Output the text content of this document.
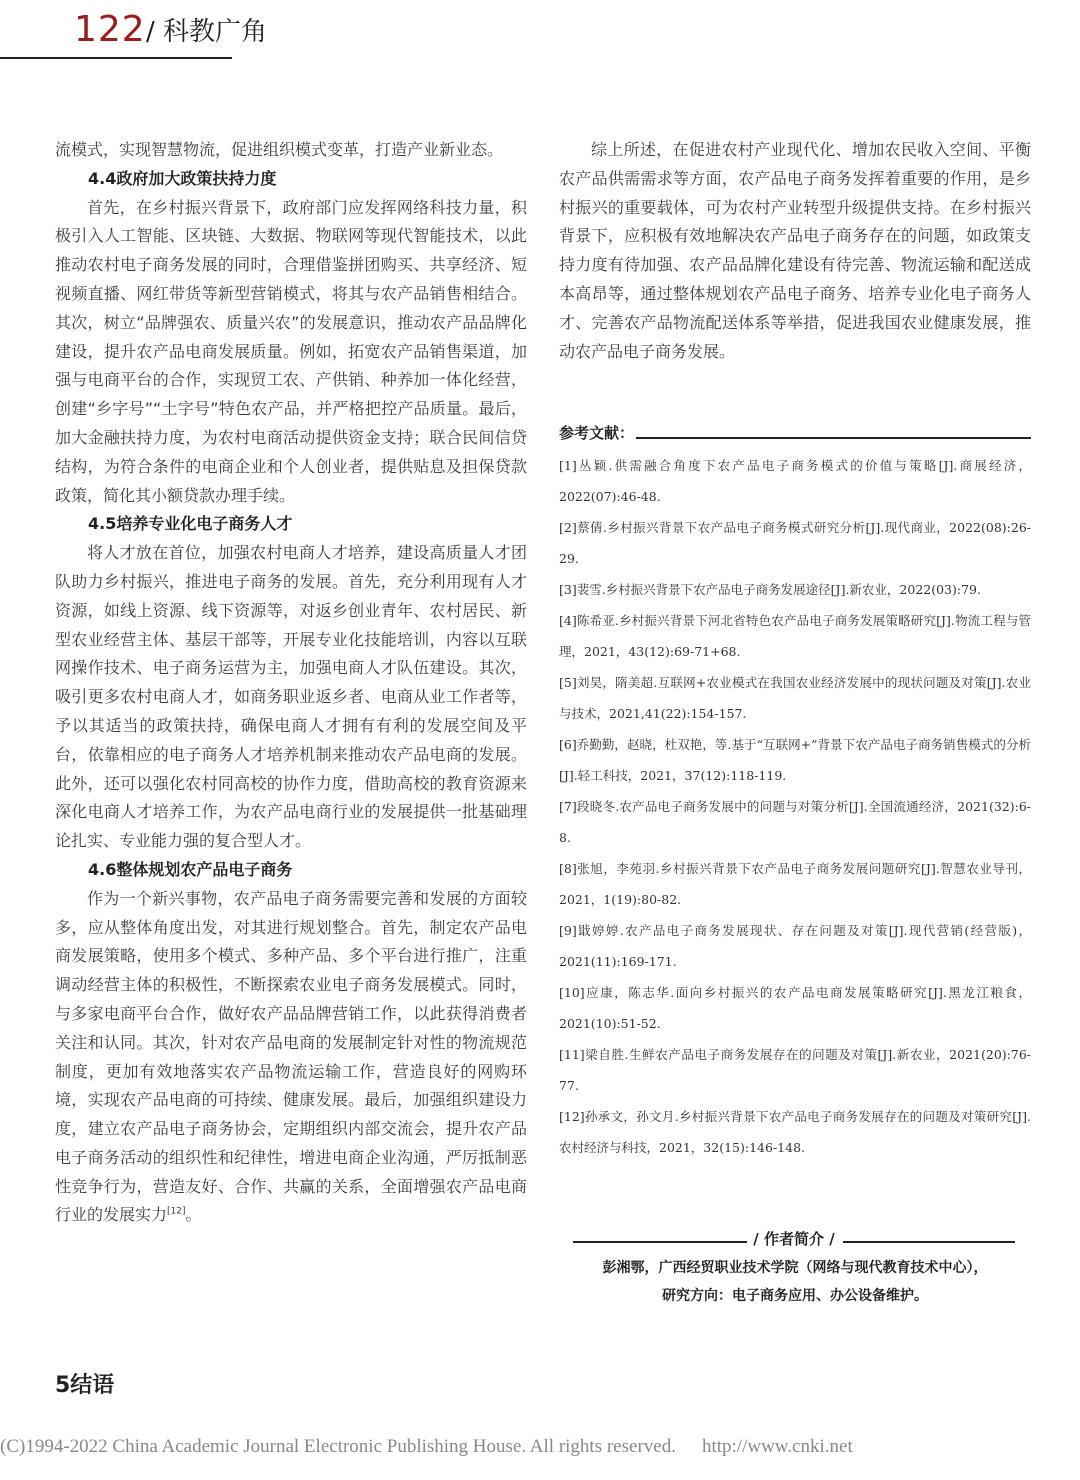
122 / 科教广角

流模式，实现智慧物流，促进组织模式变革，打造产业新业态。

4.4政府加大政策扶持力度

首先，在乡村振兴背景下，政府部门应发挥网络科技力量，积极引入人工智能、区块链、大数据、物联网等现代智能技术，以此推动农村电子商务发展的同时，合理借鉴拼团购买、共享经济、短视频直播、网红带货等新型营销模式，将其与农产品销售相结合。其次，树立“品牌强农、质量兴农”的发展意识，推动农产品品牌化建设，提升农产品电商发展质量。例如，拓宽农产品销售渠道，加强与电商平台的合作，实现贸工农、产供销、种养加一体化经营，创建“乡字号”“土字号”特色农产品，并严格把控产品质量。最后，加大金融扶持力度，为农村电商活动提供资金支持；联合民间信贷结构，为符合条件的电商企业和个人创业者，提供贴息及担保贷款政策，简化其小额贷款办理手续。

4.5培养专业化电子商务人才

将人才放在首位，加强农村电商人才培养，建设高质量人才团队助力乡村振兴，推进电子商务的发展。首先，充分利用现有人才资源，如线上资源、线下资源等，对返乡创业青年、农村居民、新型农业经营主体、基层干部等，开展专业化技能培训，内容以互联网操作技术、电子商务运营为主，加强电商人才队伍建设。其次，吸引更多农村电商人才，如商务职业返乡者、电商从业工作者等，予以其适当的政策扶持，确保电商人才拥有有利的发展空间及平台，依靠相应的电子商务人才培养机制来推动农产品电商的发展。此外，还可以强化农村同高校的协作力度，借助高校的教育资源来深化电商人才培养工作，为农产品电商行业的发展提供一批基础理论扎实、专业能力强的复合型人才。

4.6整体规划农产品电子商务

作为一个新兴事物，农产品电子商务需要完善和发展的方面较多，应从整体角度出发，对其进行规划整合。首先，制定农产品电商发展策略，使用多个模式、多种产品、多个平台进行推广，注重调动经营主体的积极性，不断探索农业电子商务发展模式。同时，与多家电商平台合作，做好农产品品牌营销工作，以此获得消费者关注和认同。其次，针对农产品电商的发展制定针对性的物流规范制度，更加有效地落实农产品物流运输工作，营造良好的网购环境，实现农产品电商的可持续、健康发展。最后，加强组织建设力度，建立农产品电子商务协会，定期组织内部交流会，提升农产品电子商务活动的组织性和纪律性，增进电商企业沟通，严厉抵制恶性竞争行为，营造友好、合作、共赢的关系，全面增强农产品电商行业的发展实力[12]。

5结语

综上所述，在促进农村产业现代化、增加农民收入空间、平衡农产品供需需求等方面，农产品电子商务发挥着重要的作用，是乡村振兴的重要载体，可为农村产业转型升级提供支持。在乡村振兴背景下，应积极有效地解决农产品电子商务存在的问题，如政策支持力度有待加强、农产品品牌化建设有待完善、物流运输和配送成本高昂等，通过整体规划农产品电子商务、培养专业化电子商务人才、完善农产品物流配送体系等举措，促进我国农业健康发展，推动农产品电子商务发展。

参考文献：
[1]丛颖.供需融合角度下农产品电子商务模式的价值与策略[J].商展经济，2022(07):46-48.
[2]蔡倩.乡村振兴背景下农产品电子商务模式研究分析[J].现代商业，2022(08):26-29.
[3]裴雪.乡村振兴背景下农产品电子商务发展途径[J].新农业，2022(03):79.
[4]陈希亚.乡村振兴背景下河北省特色农产品电子商务发展策略研究[J].物流工程与管理，2021，43(12):69-71+68.
[5]刘昊，隋美超.互联网+农业模式在我国农业经济发展中的现状问题及对策[J].农业与技术，2021,41(22):154-157.
[6]乔勤勤，赵晓，杜双艳，等.基于“互联网+”背景下农产品电子商务销售模式的分析[J].轻工科技，2021，37(12):118-119.
[7]段晓冬.农产品电子商务发展中的问题与对策分析[J].全国流通经济，2021(32):6-8.
[8]张旭，李苑羽.乡村振兴背景下农产品电子商务发展问题研究[J].智慧农业导刊，2021，1(19):80-82.
[9]戢婷婷.农产品电子商务发展现状、存在问题及对策[J].现代营销(经营版)，2021(11):169-171.
[10]应康，陈志华.面向乡村振兴的农产品电商发展策略研究[J].黑龙江粮食，2021(10):51-52.
[11]梁自胜.生鲜农产品电子商务发展存在的问题及对策[J].新农业，2021(20):76-77.
[12]孙承文，孙文月.乡村振兴背景下农产品电子商务发展存在的问题及对策研究[J].农村经济与科技，2021，32(15):146-148.
/ 作者简介 /
彭湘鄂，广西经贸职业技术学院（网络与现代教育技术中心），
研究方向：电子商务应用、办公设备维护。
(C)1994-2022 China Academic Journal Electronic Publishing House. All rights reserved. http://www.cnki.net
